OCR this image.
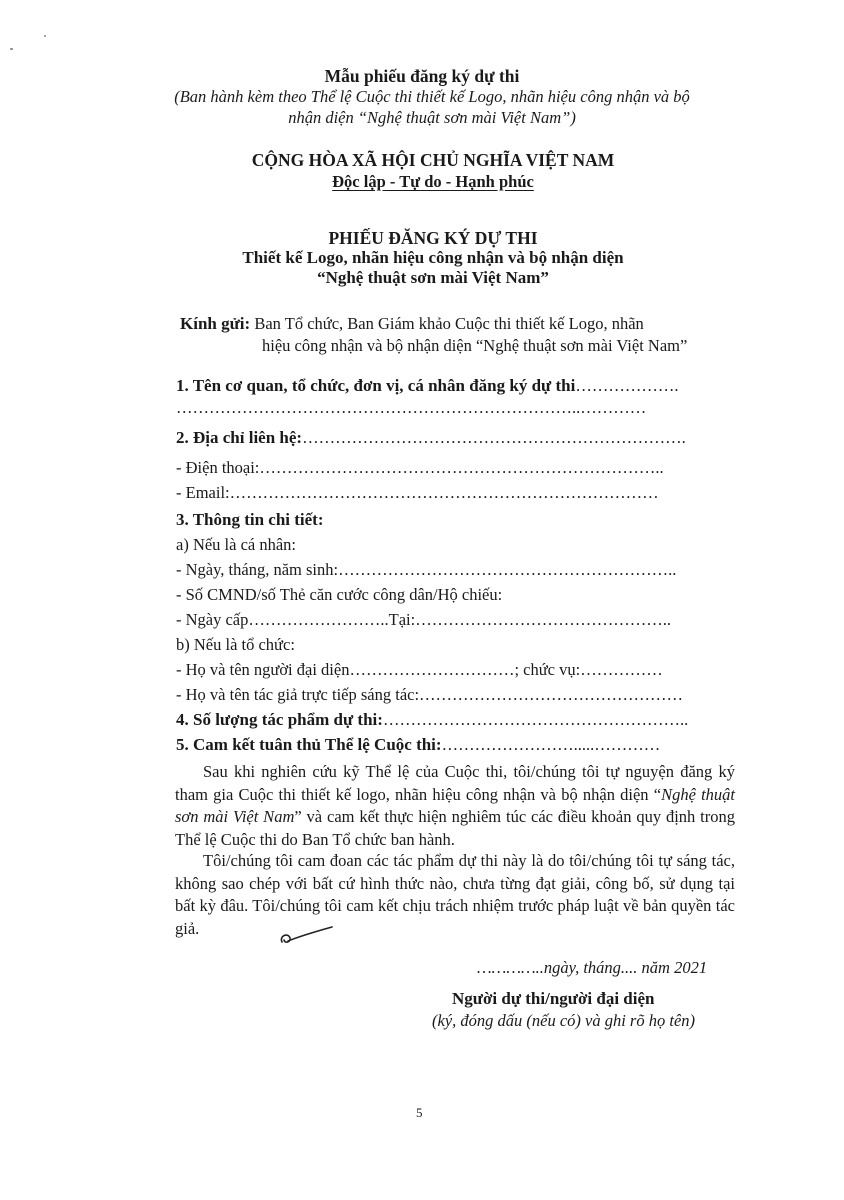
Mẫu phiếu đăng ký dự thi
(Ban hành kèm theo Thể lệ Cuộc thi thiết kế Logo, nhãn hiệu công nhận và bộ
nhận diện “Nghệ thuật sơn mài Việt Nam”)
CỘNG HÒA XÃ HỘI CHỦ NGHĨA VIỆT NAM
Độc lập - Tự do - Hạnh phúc
PHIẾU ĐĂNG KÝ DỰ THI
Thiết kế Logo, nhãn hiệu công nhận và bộ nhận diện
“Nghệ thuật sơn mài Việt Nam”
Kính gửi: Ban Tổ chức, Ban Giám khảo Cuộc thi thiết kế Logo, nhãn
hiệu công nhận và bộ nhận diện “Nghệ thuật sơn mài Việt Nam”
1. Tên cơ quan, tổ chức, đơn vị, cá nhân đăng ký dự thi……………….
………………………………………………………………..…………
2. Địa chỉ liên hệ:…………………………………………………………….
- Điện thoại:………………………………………………………………..
- Email:……………………………………………………………………
3. Thông tin chi tiết:
a) Nếu là cá nhân:
- Ngày, tháng, năm sinh:……………………………………………………..
- Số CMND/số Thẻ căn cước công dân/Hộ chiếu:
- Ngày cấp……………………..Tại:………………………………………..
b) Nếu là tổ chức:
- Họ và tên người đại diện…………………………; chức vụ:……………
- Họ và tên tác giả trực tiếp sáng tác:…………………………………………
4. Số lượng tác phẩm dự thi:………………………………………………..
5. Cam kết tuân thủ Thể lệ Cuộc thi:…………………….....…………
Sau khi nghiên cứu kỹ Thể lệ của Cuộc thi, tôi/chúng tôi tự nguyện đăng ký tham gia Cuộc thi thiết kế logo, nhãn hiệu công nhận và bộ nhận diện “Nghệ thuật sơn mài Việt Nam” và cam kết thực hiện nghiêm túc các điều khoản quy định trong Thể lệ Cuộc thi do Ban Tổ chức ban hành.
Tôi/chúng tôi cam đoan các tác phẩm dự thi này là do tôi/chúng tôi tự sáng tác, không sao chép với bất cứ hình thức nào, chưa từng đạt giải, công bố, sử dụng tại bất kỳ đâu. Tôi/chúng tôi cam kết chịu trách nhiệm trước pháp luật về bản quyền tác giả.
…………..ngày, tháng.... năm 2021
Người dự thi/người đại diện
(ký, đóng dấu (nếu có) và ghi rõ họ tên)
5
